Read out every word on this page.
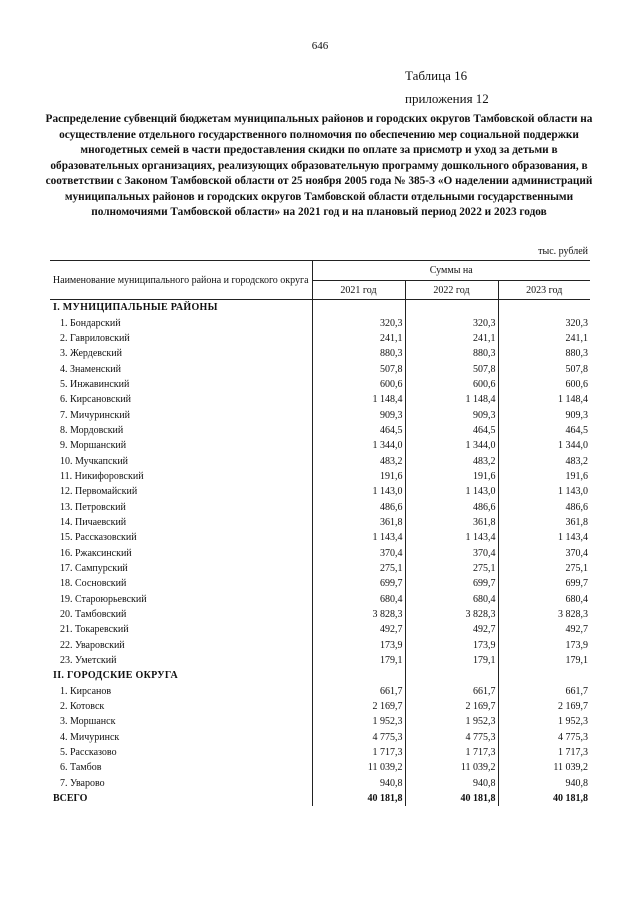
646
Таблица 16
приложения 12
Распределение субвенций бюджетам муниципальных районов и городских округов Тамбовской области на осуществление отдельного государственного полномочия по обеспечению мер социальной поддержки многодетных семей в части предоставления скидки по оплате за присмотр и уход за детьми в образовательных организациях, реализующих образовательную программу дошкольного образования, в соответствии с Законом Тамбовской области от 25 ноября 2005 года № 385-З «О наделении администраций муниципальных районов и городских округов Тамбовской области отдельными государственными полномочиями Тамбовской области» на 2021 год и на плановый период 2022 и 2023 годов
тыс. рублей
Наименование муниципального района и городского округа	Суммы на		
	2021 год	2022 год	2023 год
I. МУНИЦИПАЛЬНЫЕ РАЙОНЫ			
1. Бондарский	320,3	320,3	320,3
2. Гавриловский	241,1	241,1	241,1
3. Жердевский	880,3	880,3	880,3
4. Знаменский	507,8	507,8	507,8
5. Инжавинский	600,6	600,6	600,6
6. Кирсановский	1 148,4	1 148,4	1 148,4
7. Мичуринский	909,3	909,3	909,3
8. Мордовский	464,5	464,5	464,5
9. Моршанский	1 344,0	1 344,0	1 344,0
10. Мучкапский	483,2	483,2	483,2
11. Никифоровский	191,6	191,6	191,6
12. Первомайский	1 143,0	1 143,0	1 143,0
13. Петровский	486,6	486,6	486,6
14. Пичаевский	361,8	361,8	361,8
15. Рассказовский	1 143,4	1 143,4	1 143,4
16. Ржаксинский	370,4	370,4	370,4
17. Сампурский	275,1	275,1	275,1
18. Сосновский	699,7	699,7	699,7
19. Староюрьевский	680,4	680,4	680,4
20. Тамбовский	3 828,3	3 828,3	3 828,3
21. Токаревский	492,7	492,7	492,7
22. Уваровский	173,9	173,9	173,9
23. Уметский	179,1	179,1	179,1
II. ГОРОДСКИЕ ОКРУГА			
1. Кирсанов	661,7	661,7	661,7
2. Котовск	2 169,7	2 169,7	2 169,7
3. Моршанск	1 952,3	1 952,3	1 952,3
4. Мичуринск	4 775,3	4 775,3	4 775,3
5. Рассказово	1 717,3	1 717,3	1 717,3
6. Тамбов	11 039,2	11 039,2	11 039,2
7. Уварово	940,8	940,8	940,8
ВСЕГО	40 181,8	40 181,8	40 181,8
